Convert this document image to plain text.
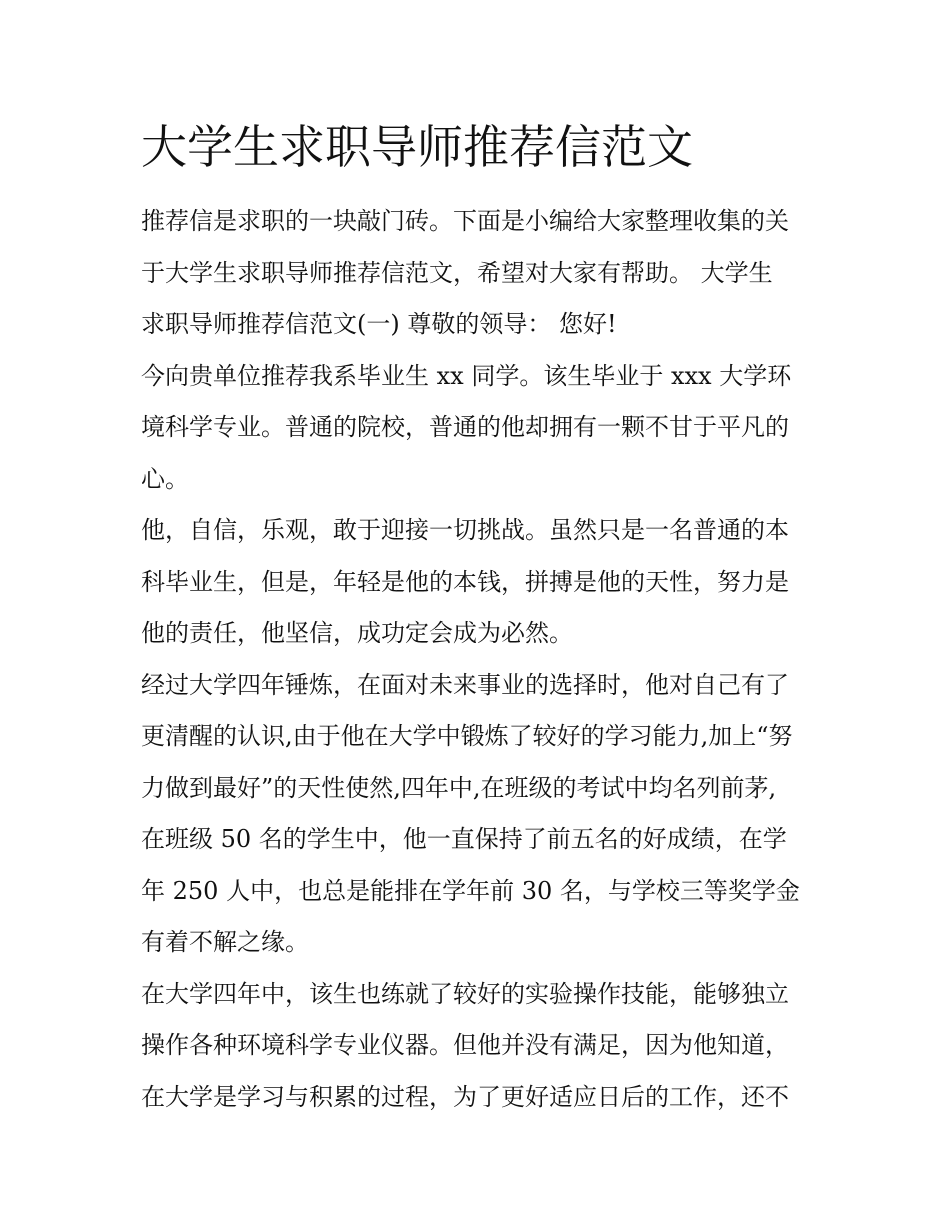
大学生求职导师推荐信范文
推荐信是求职的一块敲门砖。下面是小编给大家整理收集的关
于大学生求职导师推荐信范文，希望对大家有帮助。 大学生
求职导师推荐信范文(一) 尊敬的领导： 您好!
今向贵单位推荐我系毕业生 xx 同学。该生毕业于 xxx 大学环
境科学专业。普通的院校，普通的他却拥有一颗不甘于平凡的
心。
他，自信，乐观，敢于迎接一切挑战。虽然只是一名普通的本
科毕业生，但是，年轻是他的本钱，拼搏是他的天性，努力是
他的责任，他坚信，成功定会成为必然。
经过大学四年锤炼，在面对未来事业的选择时，他对自己有了
更清醒的认识,由于他在大学中锻炼了较好的学习能力,加上“努
力做到最好”的天性使然,四年中,在班级的考试中均名列前茅,
在班级 50 名的学生中，他一直保持了前五名的好成绩，在学
年 250 人中，也总是能排在学年前 30 名，与学校三等奖学金
有着不解之缘。
在大学四年中，该生也练就了较好的实验操作技能，能够独立
操作各种环境科学专业仪器。但他并没有满足，因为他知道，
在大学是学习与积累的过程，为了更好适应日后的工作，还不
